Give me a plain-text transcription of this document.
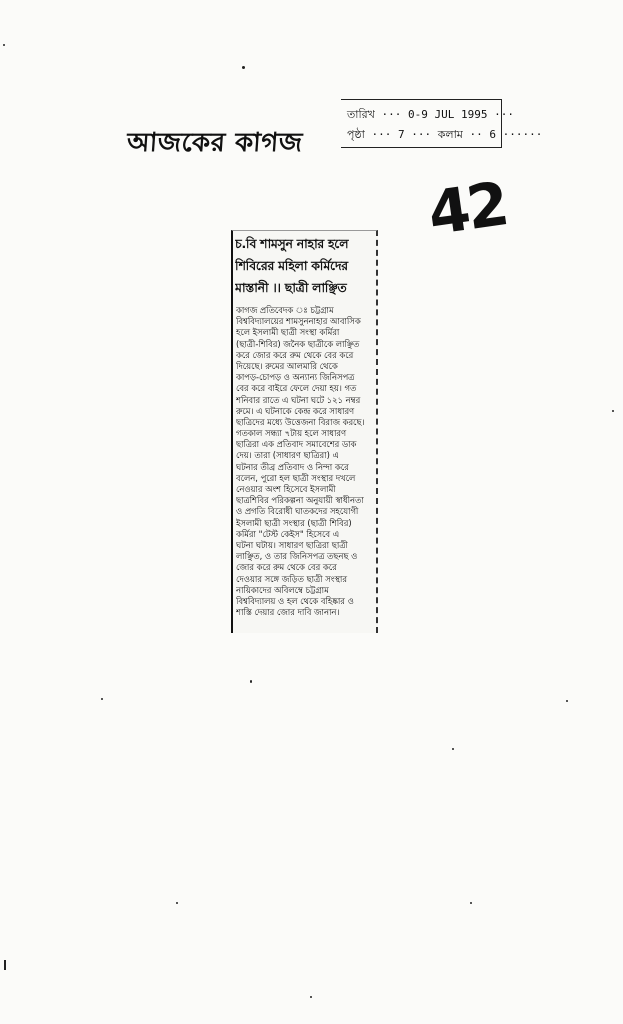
আজকের কাগজ
তারিখ ··· 0-9 JUL 1995 ···
পৃষ্ঠা ··· 7 ··· কলাম ·· 6 ······
42
চ.বি শামসুন নাহার হলে
শিবিরের মহিলা কর্মিদের
মাস্তানী ।। ছাত্রী লাঞ্ছিত
কাগজ প্রতিবেদক ঃ চট্টগ্রাম
বিশ্ববিদ্যালয়ের শামসুননাহার আবাসিক
হলে ইসলামী ছাত্রী সংস্থা কর্মিরা
(ছাত্রী-শিবির) জনৈক ছাত্রীকে লাঞ্ছিত
করে জোর করে রুম থেকে বের করে
দিয়েছে। রুমের আলমারি থেকে
কাপড়-চোপড় ও অন্যান্য জিনিসপত্র
বের করে বাইরে ফেলে দেয়া হয়। গত
শনিবার রাতে এ ঘটনা ঘটে ১২১ নম্বর
রুমে। এ ঘটনাকে কেন্দ্র করে সাধারণ
ছাত্রিদের মধ্যে উত্তেজনা বিরাজ করছে।
গতকাল সন্ধ্যা ৭টায় হলে সাধারণ
ছাত্রিরা এক প্রতিবাদ সমাবেশের ডাক
দেয়। তারা (সাধারণ ছাত্রিরা) এ
ঘটনার তীব্র প্রতিবাদ ও নিন্দা করে
বলেন, পুরো হল ছাত্রী সংস্থার দখলে
নেওয়ার অংশ হিসেবে ইসলামী
ছাত্রশিবির পরিকল্পনা অনুযায়ী স্বাধীনতা
ও প্রগতি বিরোধী ঘাতকদের সহযোগী
ইসলামী ছাত্রী সংস্থার (ছাত্রী শিবির)
কর্মিরা "টেস্ট কেইস" হিসেবে এ
ঘটনা ঘটায়। সাধারণ ছাত্রিরা ছাত্রী
লাঞ্ছিত, ও তার জিনিসপত্র তছনছ ও
জোর করে রুম থেকে বের করে
দেওয়ার সঙ্গে জড়িত ছাত্রী সংস্থার
নায়িকাদের অবিলম্বে চট্টগ্রাম
বিশ্ববিদ্যালয় ও হল থেকে বহিষ্কার ও
শাস্তি দেয়ার জোর দাবি জানান।
